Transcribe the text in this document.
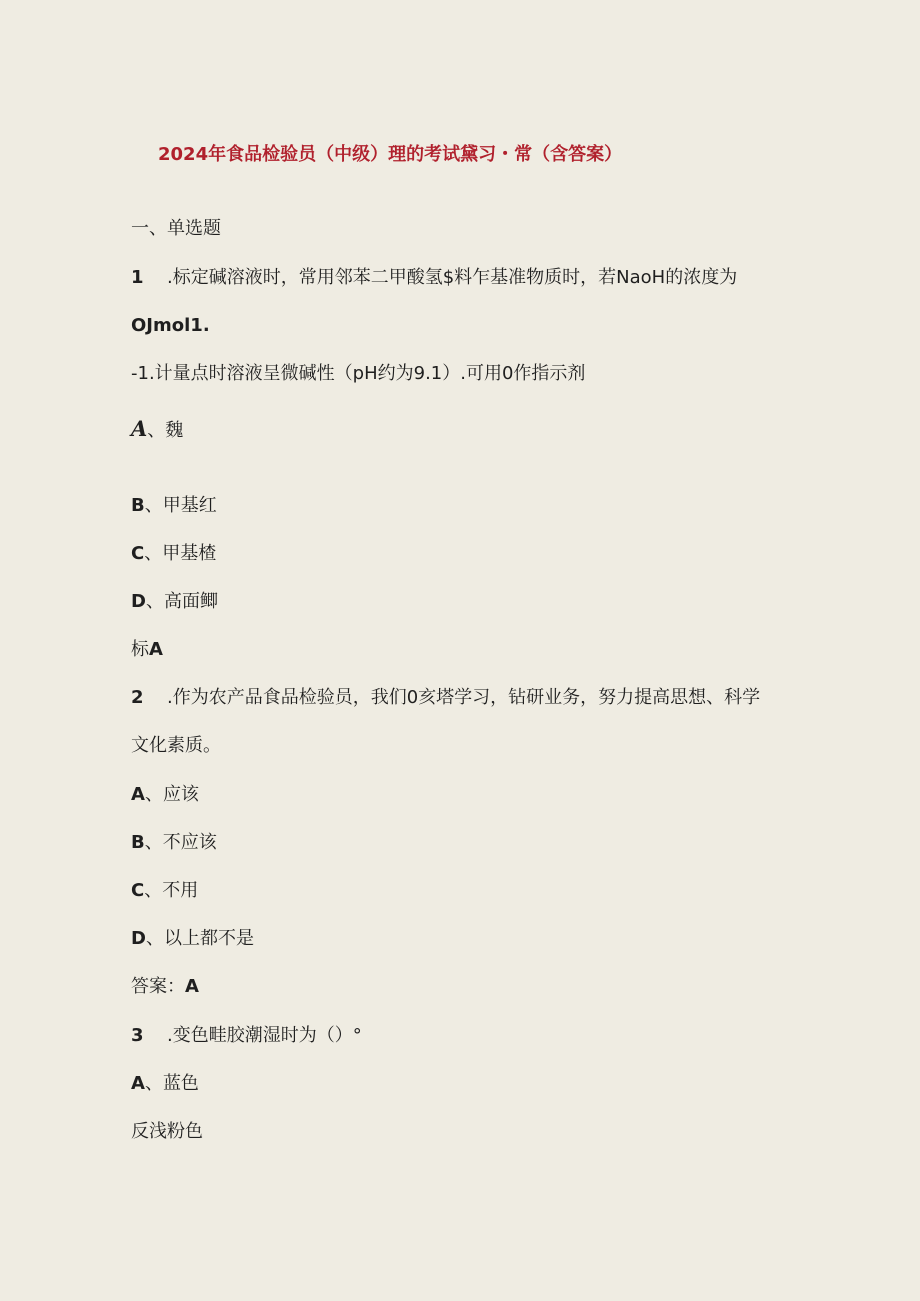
2024年食品检验员（中级）理的考试黛习・常（含答案）
一、单选题
1 .标定碱溶液时，常用邻苯二甲酸氢$料乍基准物质时，若NaoH的浓度为
OJmol1.
-1.计量点时溶液呈微碱性（pH约为9.1）.可用0作指示剂
A、魏
B、甲基红
C、甲基楂
D、高面鲫
标A
2 .作为农产品食品检验员，我们0亥塔学习，钻研业务，努力提高思想、科学
文化素质。
A、应该
B、不应该
C、不用
D、以上都不是
答案：A
3 .变色畦胶潮湿时为（）°
A、蓝色
反浅粉色
